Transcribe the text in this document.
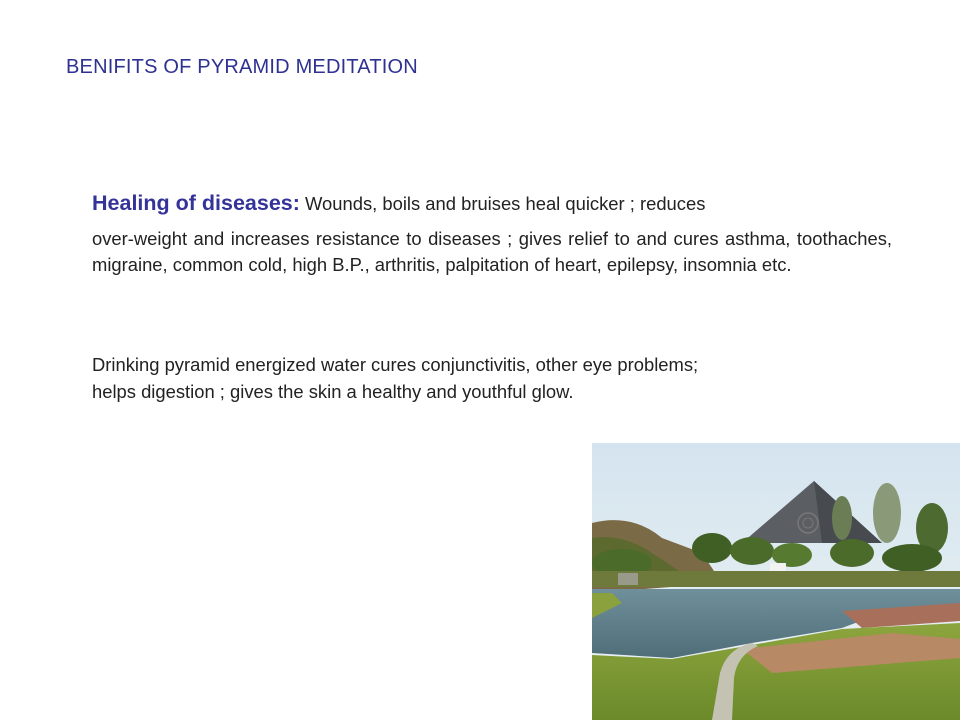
BENIFITS OF PYRAMID MEDITATION
Healing of diseases: Wounds, boils and bruises heal quicker ; reduces
over-weight and increases resistance to diseases ; gives relief to and cures asthma, toothaches, migraine, common cold, high B.P., arthritis, palpitation of heart, epilepsy, insomnia etc.
Drinking pyramid energized water cures conjunctivitis, other eye problems;
helps digestion ; gives the skin a healthy and youthful glow.
